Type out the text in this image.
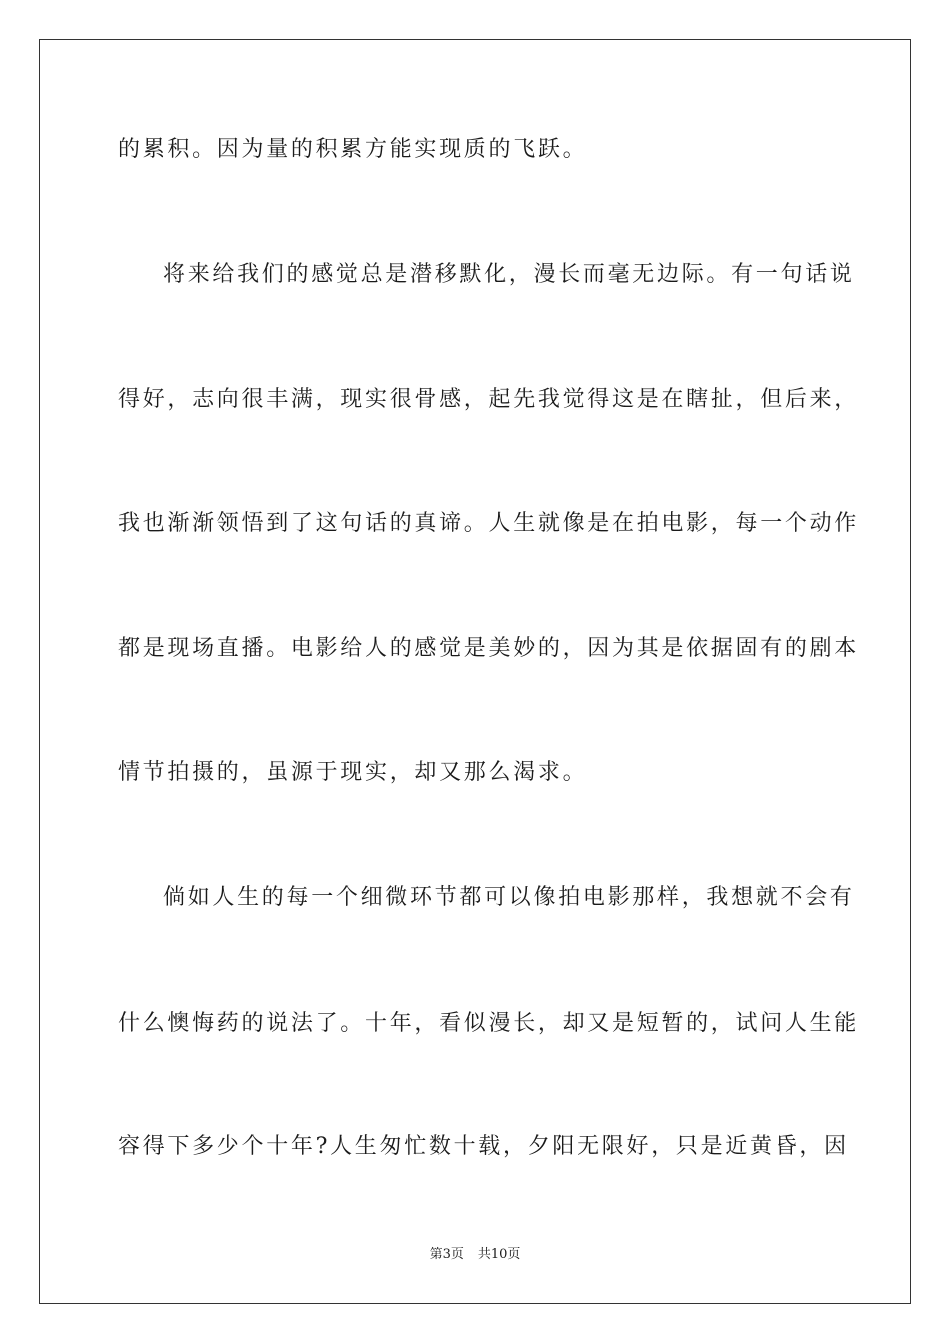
的累积。因为量的积累方能实现质的飞跃。
将来给我们的感觉总是潜移默化，漫长而毫无边际。有一句话说
得好，志向很丰满，现实很骨感，起先我觉得这是在瞎扯，但后来，
我也渐渐领悟到了这句话的真谛。人生就像是在拍电影，每一个动作
都是现场直播。电影给人的感觉是美妙的，因为其是依据固有的剧本
情节拍摄的，虽源于现实，却又那么渴求。
倘如人生的每一个细微环节都可以像拍电影那样，我想就不会有
什么懊悔药的说法了。十年，看似漫长，却又是短暂的，试问人生能
容得下多少个十年?人生匆忙数十载，夕阳无限好，只是近黄昏，因
第3页 共10页
